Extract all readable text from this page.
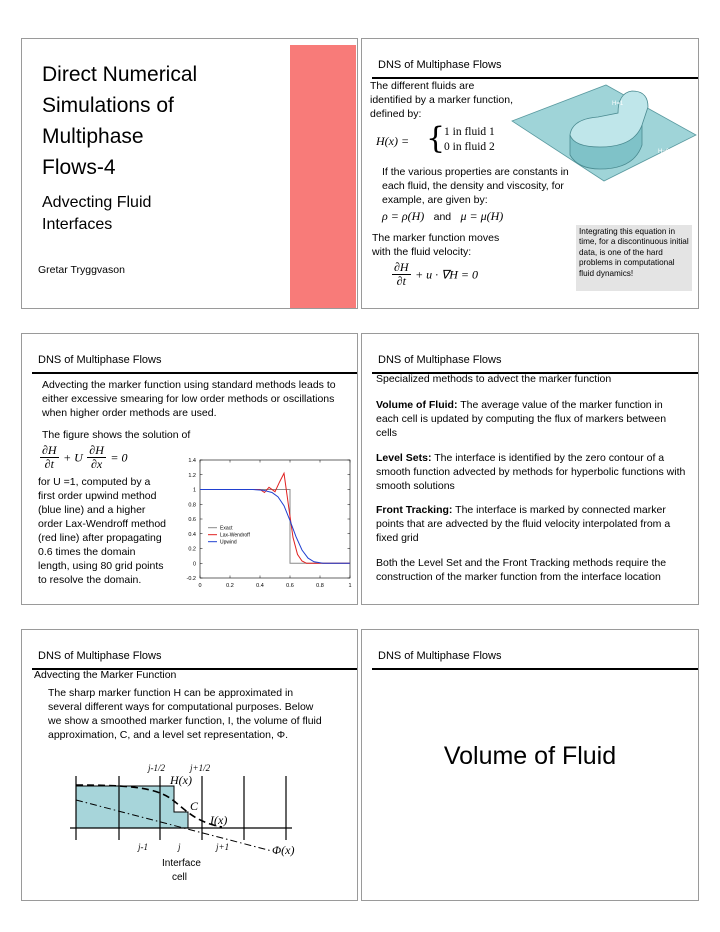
Direct Numerical
Simulations of
Multiphase
Flows-4
Advecting Fluid
Interfaces
Gretar Tryggvason
DNS of Multiphase Flows
The different fluids are identified by a marker function, defined by:
H=1
H=0
H(x) = {
1 in fluid 1
0 in fluid 2
If the various properties are constants in each fluid, the density and viscosity, for example, are given by:
ρ = ρ(H) and μ = μ(H)
The marker function moves with the fluid velocity:
$\frac{\partial H}{\partial t} + u \cdot \nabla H = 0$
Integrating this equation in time, for a discontinuous initial data, is one of the hard problems in computational fluid dynamics!
DNS of Multiphase Flows
Advecting the marker function using standard methods leads to either excessive smearing for low order methods or oscillations when higher order methods are used.
The figure shows the solution of
$\frac{\partial H}{\partial t} + U \frac{\partial H}{\partial x} = 0$
for U =1, computed by a
first order upwind method
(blue line) and a higher
order Lax-Wendroff method
(red line) after propagating
0.6 times the domain
length, using 80 grid points
to resolve the domain.	-0.2
0
0.2
0.4
0.6
0.8
1
1.2
1.4
0	0.2	0.4	0.6	0.8	1
Exact
Lax-Wendroff
Upwind
DNS of Multiphase Flows
Specialized methods to advect the marker function
Volume of Fluid: The average value of the marker function in each cell is updated by computing the flux of markers between cells
Level Sets: The interface is identified by the zero contour of a smooth function advected by methods for hyperbolic functions with smooth solutions
Front Tracking: The interface is marked by connected marker points that are advected by the fluid velocity interpolated from a fixed grid
Both the Level Set and the Front Tracking methods require the construction of the marker function from the interface location
DNS of Multiphase Flows
Advecting the Marker Function
The sharp marker function H can be approximated in several different ways for computational purposes. Below we show a smoothed marker function, I, the volume of fluid approximation, C, and a level set representation, Φ.
j-1/2	j+1/2
H(x)
C
I(x)
Φ(x)
j-1	j	j+1
Interface
cell
DNS of Multiphase Flows
Volume of Fluid
